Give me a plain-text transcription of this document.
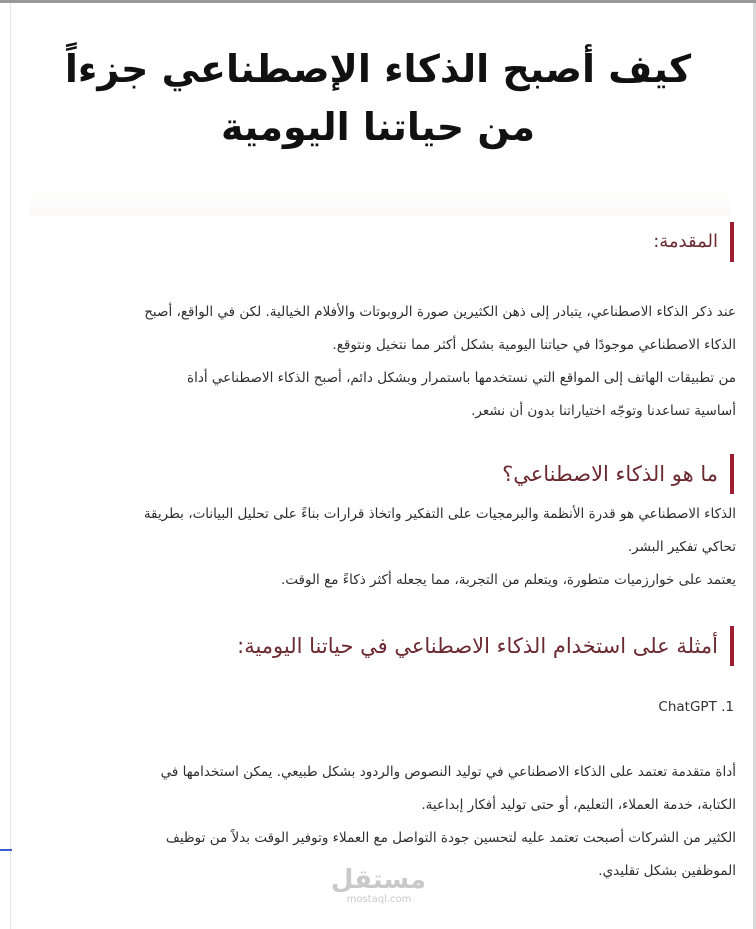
كيف أصبح الذكاء الإصطناعي جزءاً
من حياتنا اليومية
المقدمة:
عند ذكر الذكاء الاصطناعي، يتبادر إلى ذهن الكثيرين صورة الروبوتات والأفلام الخيالية. لكن في الواقع، أصبح
الذكاء الاصطناعي موجودًا في حياتنا اليومية بشكل أكثر مما نتخيل ونتوقع.
من تطبيقات الهاتف إلى المواقع التي نستخدمها باستمرار وبشكل دائم، أصبح الذكاء الاصطناعي أداة
أساسية تساعدنا وتوجّه اختياراتنا بدون أن نشعر.
ما هو الذكاء الاصطناعي؟
الذكاء الاصطناعي هو قدرة الأنظمة والبرمجيات على التفكير واتخاذ قرارات بناءً على تحليل البيانات، بطريقة
تحاكي تفكير البشر.
يعتمد على خوارزميات متطورة، ويتعلم من التجربة، مما يجعله أكثر ذكاءً مع الوقت.
أمثلة على استخدام الذكاء الاصطناعي في حياتنا اليومية:
ChatGPT .1
أداة متقدمة تعتمد على الذكاء الاصطناعي في توليد النصوص والردود بشكل طبيعي. يمكن استخدامها في
الكتابة، خدمة العملاء، التعليم، أو حتى توليد أفكار إبداعية.
الكثير من الشركات أصبحت تعتمد عليه لتحسين جودة التواصل مع العملاء وتوفير الوقت بدلاً من توظيف
الموظفين بشكل تقليدي.
مستقل
mostaql.com
